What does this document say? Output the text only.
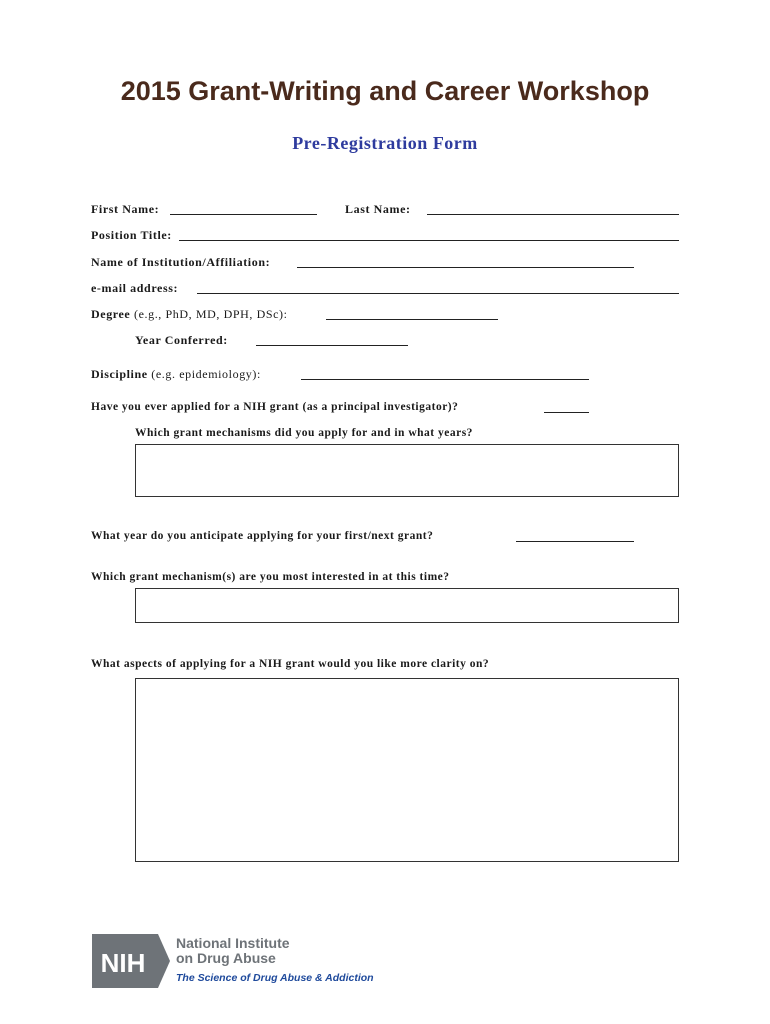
2015 Grant-Writing and Career Workshop
Pre-Registration Form
First Name:	Last Name:
Position Title:
Name of Institution/Affiliation:
e-mail address:
Degree (e.g., PhD, MD, DPH, DSc):
Year Conferred:
Discipline (e.g. epidemiology):
Have you ever applied for a NIH grant (as a principal investigator)?
Which grant mechanisms did you apply for and in what years?
What year do you anticipate applying for your first/next grant?
Which grant mechanism(s) are you most interested in at this time?
What aspects of applying for a NIH grant would you like more clarity on?
NIH
National Institute
on Drug Abuse
The Science of Drug Abuse & Addiction
